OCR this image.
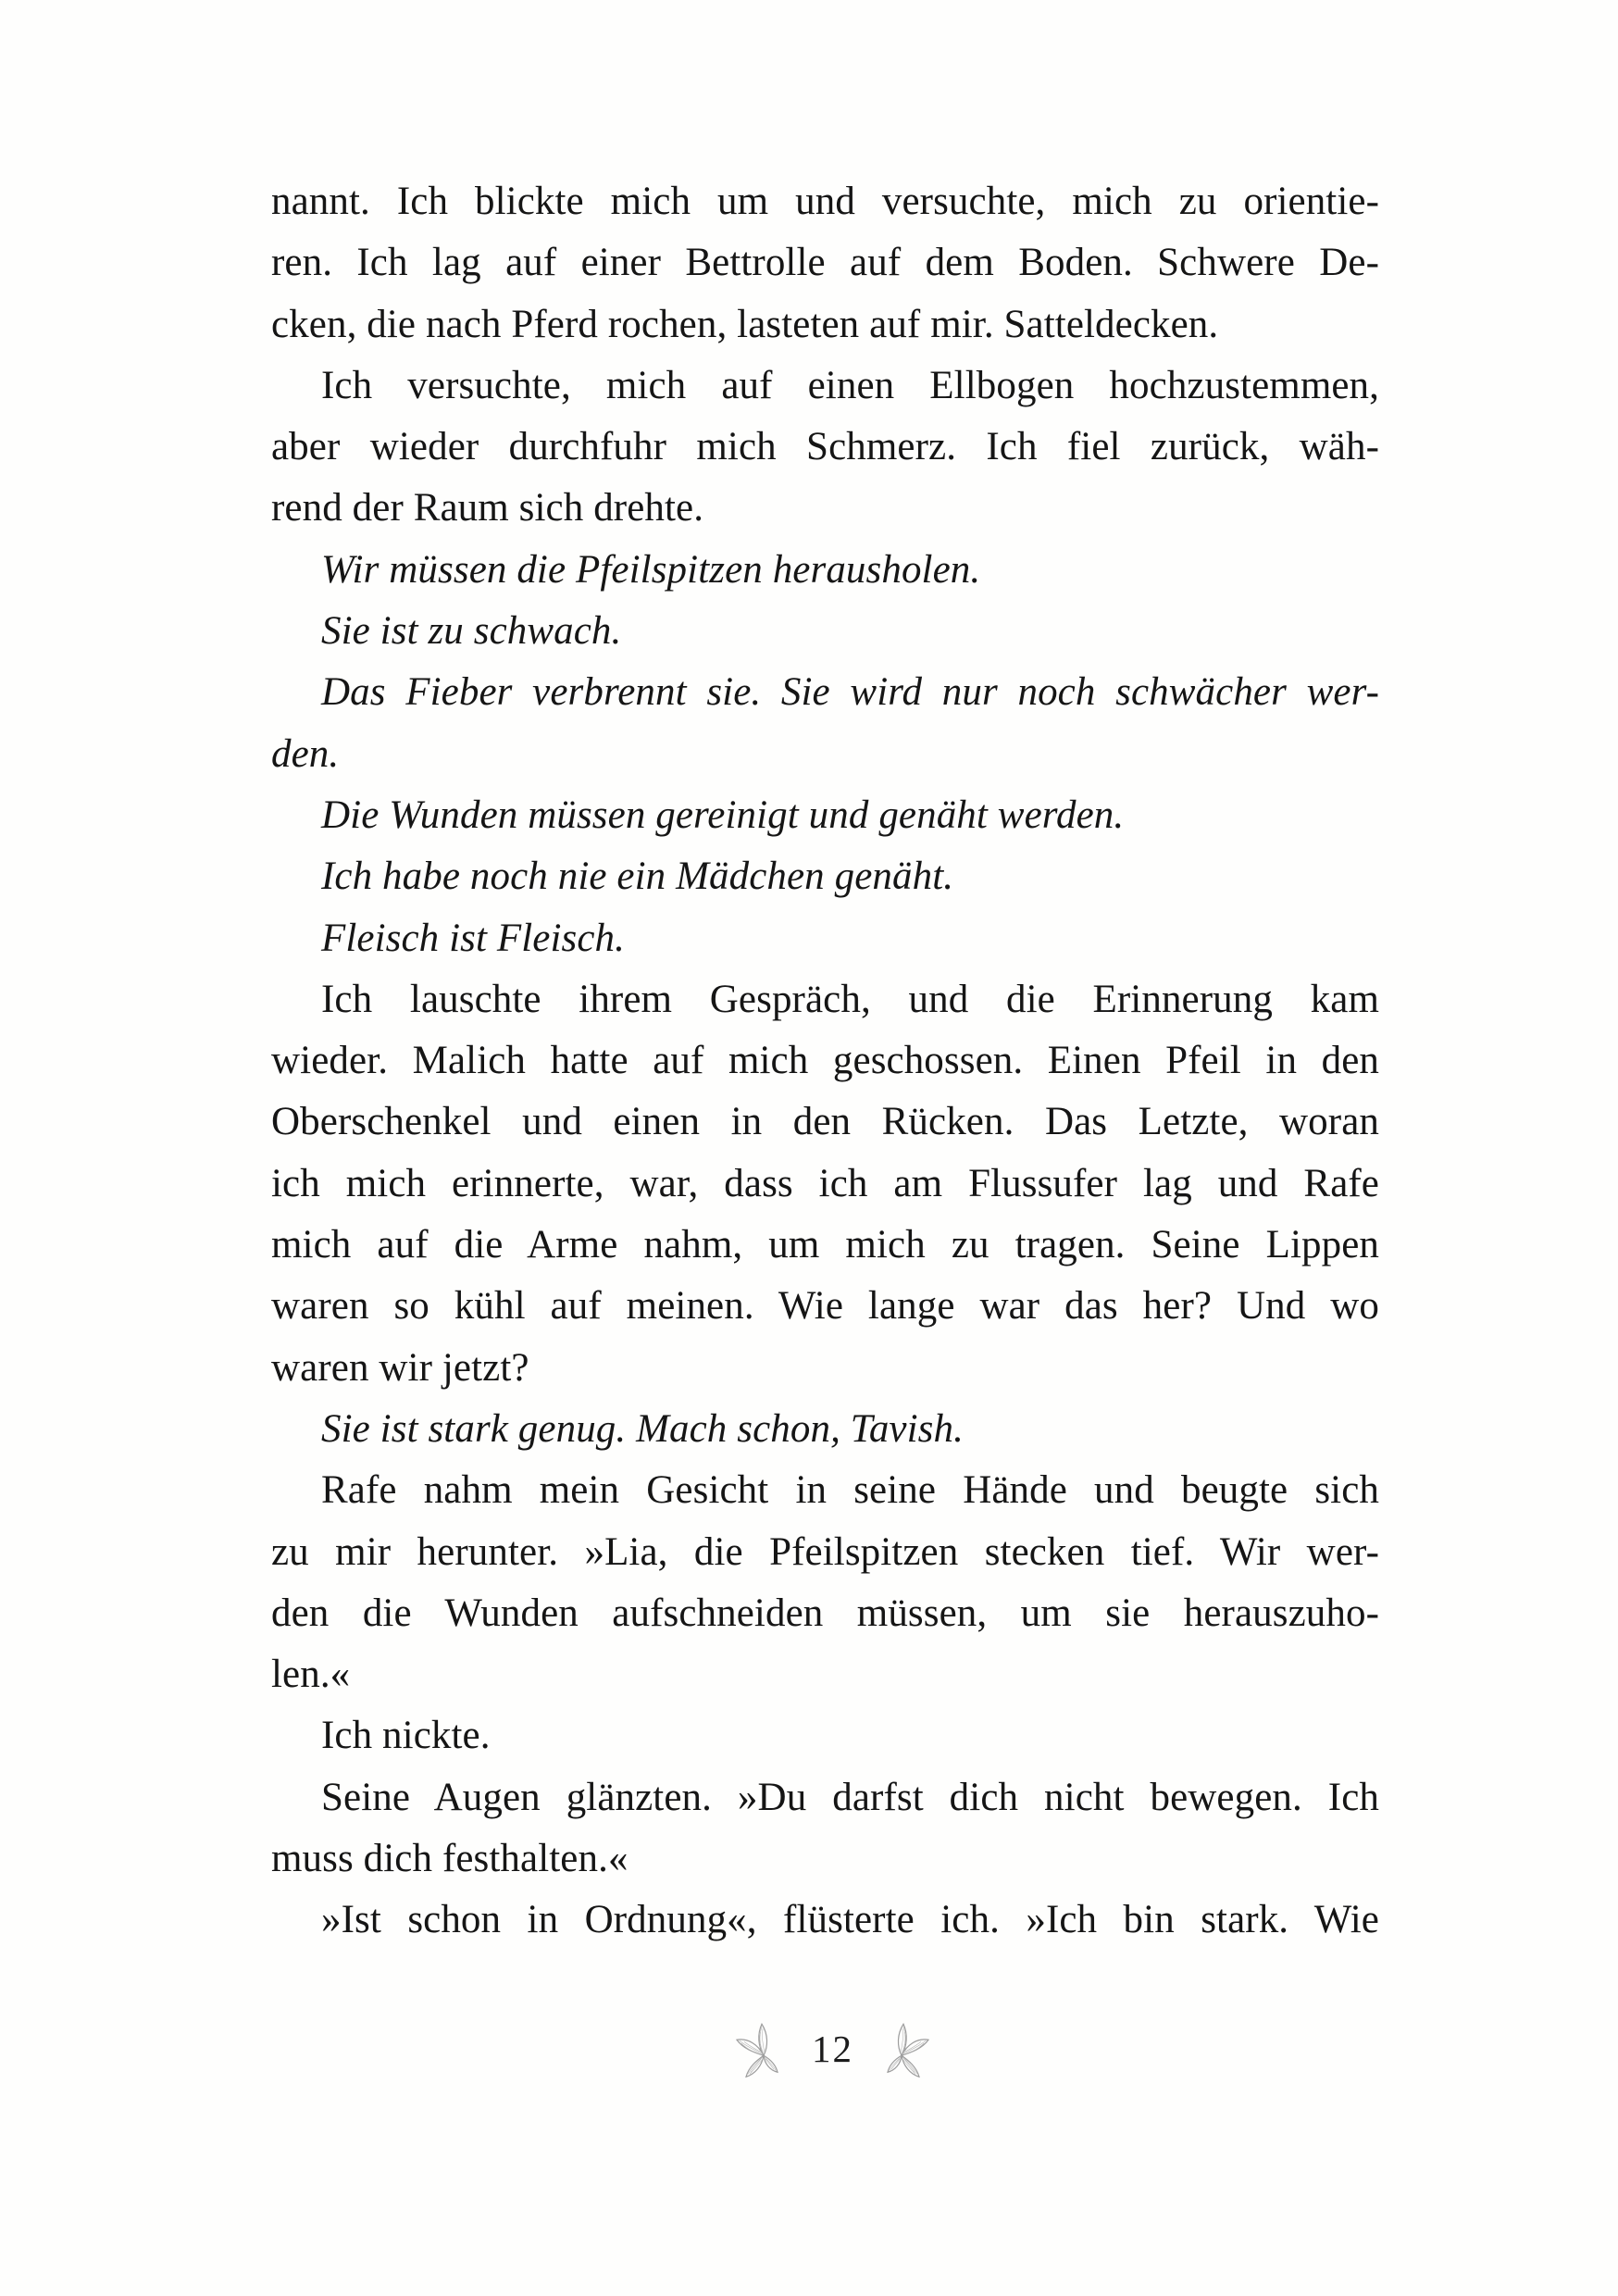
nannt. Ich blickte mich um und versuchte, mich zu orientie-
ren. Ich lag auf einer Bettrolle auf dem Boden. Schwere De-
cken, die nach Pferd rochen, lasteten auf mir. Satteldecken.
Ich versuchte, mich auf einen Ellbogen hochzustemmen,
aber wieder durchfuhr mich Schmerz. Ich fiel zurück, wäh-
rend der Raum sich drehte.
Wir müssen die Pfeilspitzen herausholen.
Sie ist zu schwach.
Das Fieber verbrennt sie. Sie wird nur noch schwächer wer-
den.
Die Wunden müssen gereinigt und genäht werden.
Ich habe noch nie ein Mädchen genäht.
Fleisch ist Fleisch.
Ich lauschte ihrem Gespräch, und die Erinnerung kam
wieder. Malich hatte auf mich geschossen. Einen Pfeil in den
Oberschenkel und einen in den Rücken. Das Letzte, woran
ich mich erinnerte, war, dass ich am Flussufer lag und Rafe
mich auf die Arme nahm, um mich zu tragen. Seine Lippen
waren so kühl auf meinen. Wie lange war das her? Und wo
waren wir jetzt?
Sie ist stark genug. Mach schon, Tavish.
Rafe nahm mein Gesicht in seine Hände und beugte sich
zu mir herunter. »Lia, die Pfeilspitzen stecken tief. Wir wer-
den die Wunden aufschneiden müssen, um sie herauszuho-
len.«
Ich nickte.
Seine Augen glänzten. »Du darfst dich nicht bewegen. Ich
muss dich festhalten.«
»Ist schon in Ordnung«, flüsterte ich. »Ich bin stark. Wie
12
